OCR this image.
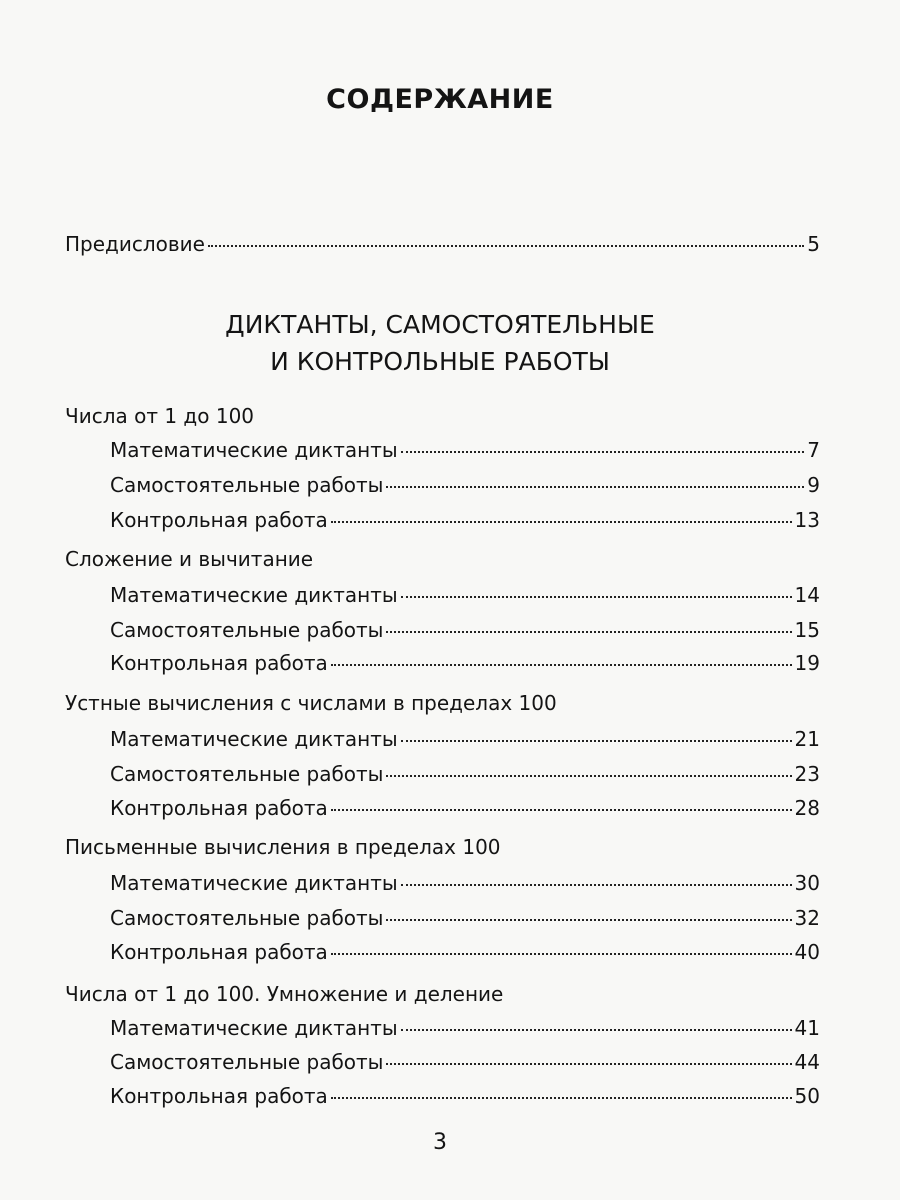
СОДЕРЖАНИЕ
Предисловие	5
ДИКТАНТЫ, САМОСТОЯТЕЛЬНЫЕ
И КОНТРОЛЬНЫЕ РАБОТЫ
Числа от 1 до 100
Математические диктанты	7
Самостоятельные работы	9
Контрольная работа	13
Сложение и вычитание
Математические диктанты	14
Самостоятельные работы	15
Контрольная работа	19
Устные вычисления с числами в пределах 100
Математические диктанты	21
Самостоятельные работы	23
Контрольная работа	28
Письменные вычисления в пределах 100
Математические диктанты	30
Самостоятельные работы	32
Контрольная работа	40
Числа от 1 до 100. Умножение и деление
Математические диктанты	41
Самостоятельные работы	44
Контрольная работа	50
3
